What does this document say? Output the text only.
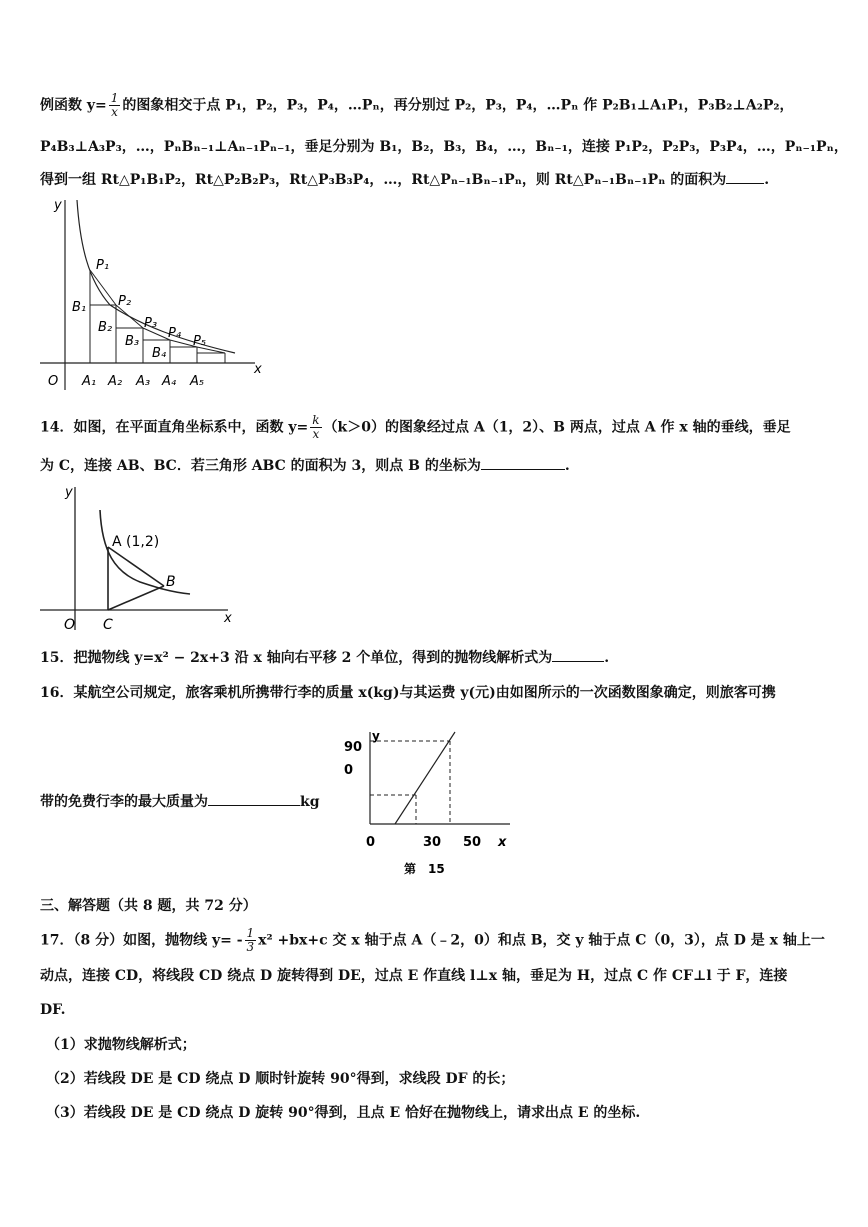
例函数 $y= \frac{1}{x}$ 的图象相交于点 P₁，P₂，P₃，P₄，…Pₙ，再分别过 P₂，P₃，P₄，…Pₙ 作 P₂B₁⊥A₁P₁，P₃B₂⊥A₂P₂，
P₄B₃⊥A₃P₃，…，PₙBₙ₋₁⊥Aₙ₋₁Pₙ₋₁，垂足分别为 B₁，B₂，B₃，B₄，…，Bₙ₋₁，连接 P₁P₂，P₂P₃，P₃P₄，…，Pₙ₋₁Pₙ，
得到一组 Rt△P₁B₁P₂，Rt△P₂B₂P₃，Rt△P₃B₃P₄，…，Rt△Pₙ₋₁Bₙ₋₁Pₙ，则 Rt△Pₙ₋₁Bₙ₋₁Pₙ 的面积为	.
y
x
O
P₁
P₂
P₃
P₄
P₅
B₁
B₂
B₃
B₄
A₁ A₂ A₃ A₄ A₅
14．如图，在平面直角坐标系中，函数 $y= \frac{k}{x} (k>0)$的图象经过点 A（1，2）、B 两点，过点 A 作 x 轴的垂线，垂足
为 C，连接 AB、BC．若三角形 ABC 的面积为 3，则点 B 的坐标为	.
y
x
O
A (1,2)
B
C
15．把抛物线 y=x² − 2x+3 沿 x 轴向右平移 2 个单位，得到的抛物线解析式为	.
16．某航空公司规定，旅客乘机所携带行李的质量 x(kg)与其运费 y(元)由如图所示的一次函数图象确定，则旅客可携
带的免费行李的最大质量为	kg
y
x
90
0
0	30 50
第　15
三、解答题（共 8 题，共 72 分）
17．（8 分）如图，抛物线 $y= - \frac{1}{3} x^2 +bx+c$ 交 x 轴于点 A（﹣2，0）和点 B，交 y 轴于点 C（0，3），点 D 是 x 轴上一
动点，连接 CD，将线段 CD 绕点 D 旋转得到 DE，过点 E 作直线 l⊥x 轴，垂足为 H，过点 C 作 CF⊥l 于 F，连接
DF.
（1）求抛物线解析式；
（2）若线段 DE 是 CD 绕点 D 顺时针旋转 90°得到，求线段 DF 的长；
（3）若线段 DE 是 CD 绕点 D 旋转 90°得到，且点 E 恰好在抛物线上，请求出点 E 的坐标.
